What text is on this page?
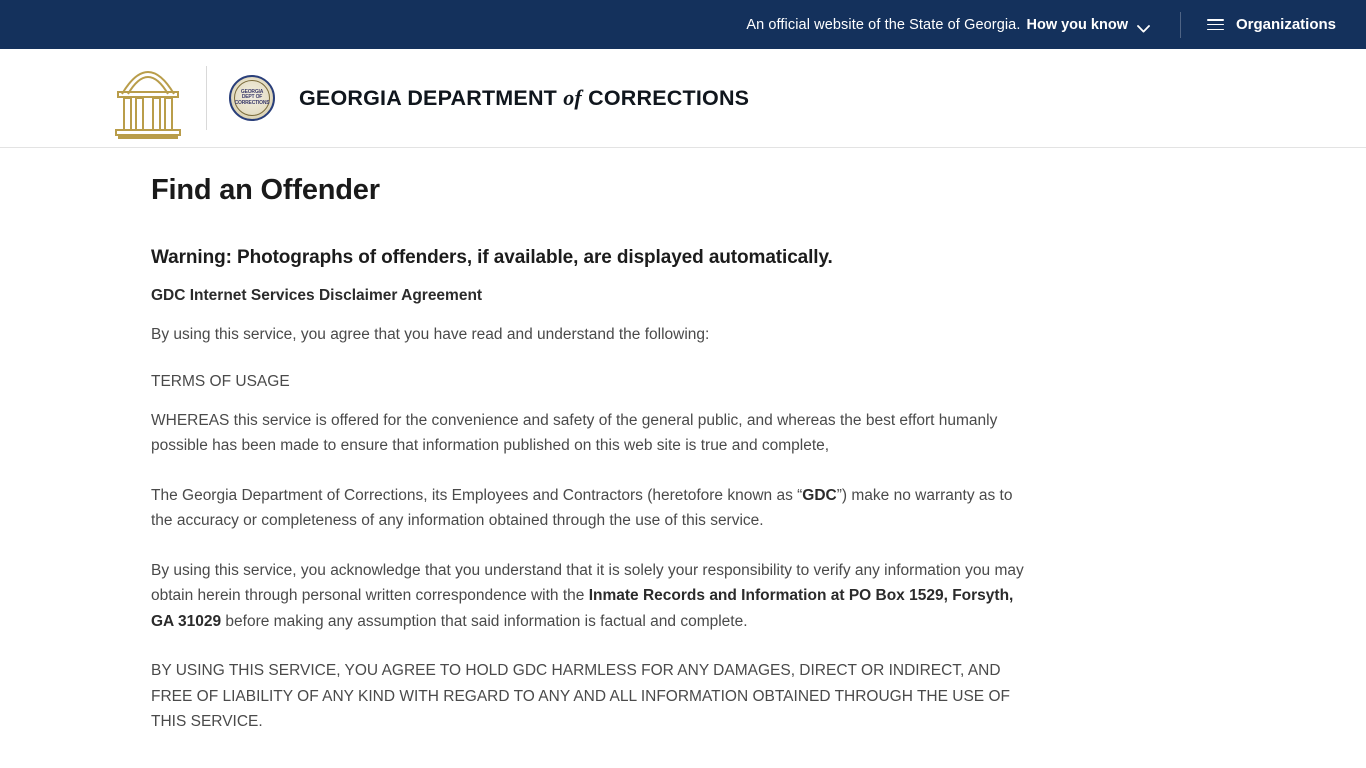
An official website of the State of Georgia. How you know	Organizations
GEORGIA DEPT OF CORRECTIONS GEORGIA DEPARTMENT of CORRECTIONS
Find an Offender

Warning: Photographs of offenders, if available, are displayed automatically.

GDC Internet Services Disclaimer Agreement

By using this service, you agree that you have read and understand the following:

TERMS OF USAGE

WHEREAS this service is offered for the convenience and safety of the general public, and whereas the best effort humanly possible has been made to ensure that information published on this web site is true and complete,

The Georgia Department of Corrections, its Employees and Contractors (heretofore known as “GDC”) make no warranty as to the accuracy or completeness of any information obtained through the use of this service.

By using this service, you acknowledge that you understand that it is solely your responsibility to verify any information you may obtain herein through personal written correspondence with the Inmate Records and Information at PO Box 1529, Forsyth, GA 31029 before making any assumption that said information is factual and complete.

BY USING THIS SERVICE, YOU AGREE TO HOLD GDC HARMLESS FOR ANY DAMAGES, DIRECT OR INDIRECT, AND FREE OF LIABILITY OF ANY KIND WITH REGARD TO ANY AND ALL INFORMATION OBTAINED THROUGH THE USE OF THIS SERVICE.
